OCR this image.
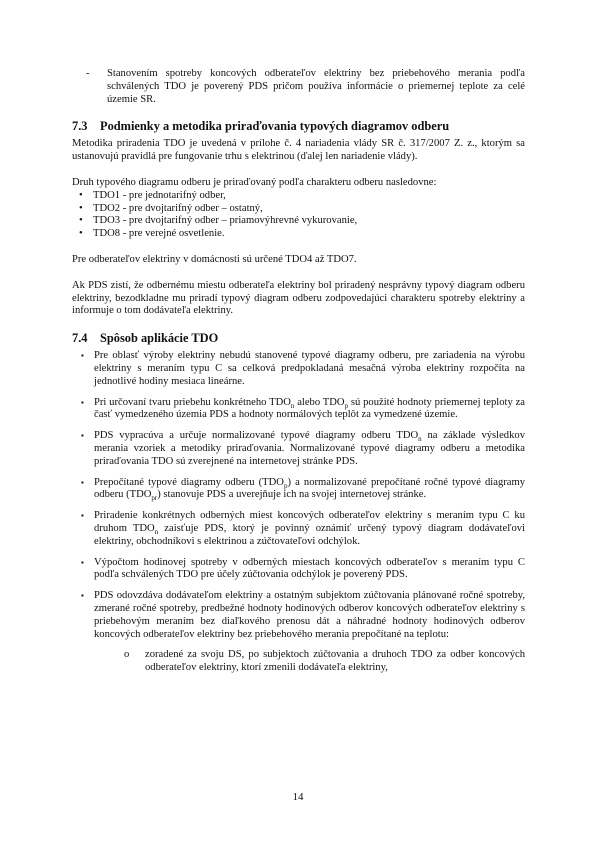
- Stanovením spotreby koncových odberateľov elektriny bez priebehového merania podľa schválených TDO je poverený PDS pričom používa informácie o priemernej teplote za celé územie SR.

7.3 Podmienky a metodika priraďovania typových diagramov odberu

Metodika priradenia TDO je uvedená v prílohe č. 4 nariadenia vlády SR č. 317/2007 Z. z., ktorým sa ustanovujú pravidlá pre fungovanie trhu s elektrinou (ďalej len nariadenie vlády).

Druh typového diagramu odberu je priraďovaný podľa charakteru odberu nasledovne:

• TDO1 - pre jednotarifný odber,
• TDO2 - pre dvojtarifný odber – ostatný,
• TDO3 - pre dvojtarifný odber – priamovýhrevné vykurovanie,
• TDO8 - pre verejné osvetlenie.

Pre odberateľov elektriny v domácnosti sú určené TDO4 až TDO7.

Ak PDS zistí, že odbernému miestu odberateľa elektriny bol priradený nesprávny typový diagram odberu elektriny, bezodkladne mu priradí typový diagram odberu zodpovedajúci charakteru spotreby elektriny a informuje o tom dodávateľa elektriny.

7.4 Spôsob aplikácie TDO
▪ Pre oblasť výroby elektriny nebudú stanovené typové diagramy odberu, pre zariadenia na výrobu elektriny s meraním typu C sa celková predpokladaná mesačná výroba elektriny rozpočíta na jednotlivé hodiny mesiaca lineárne.
▪ Pri určovaní tvaru priebehu konkrétneho $TDO_n$ alebo $TDO_p$ sú použité hodnoty priemernej teploty za časť vymedzeného územia PDS a hodnoty normálových teplôt za vymedzené územie.
▪ PDS vypracúva a určuje normalizované typové diagramy odberu $TDO_n$ na základe výsledkov merania vzoriek a metodiky priraďovania. Normalizované typové diagramy odberu a metodika priraďovania TDO sú zverejnené na internetovej stránke PDS.
▪ Prepočítané typové diagramy odberu $(TDO_p)$ a normalizované prepočítané ročné typové diagramy odberu $(TDO_{pr})$ stanovuje PDS a uverejňuje ich na svojej internetovej stránke.
▪ Priradenie konkrétnych odberných miest koncových odberateľov elektriny s meraním typu C ku druhom $TDO_n$ zaisťuje PDS, ktorý je povinný oznámiť určený typový diagram dodávateľovi elektriny, obchodníkovi s elektrinou a zúčtovateľovi odchýlok.
▪ Výpočtom hodinovej spotreby v odberných miestach koncových odberateľov s meraním typu C podľa schválených TDO pre účely zúčtovania odchýlok je poverený PDS.
▪ PDS odovzdáva dodávateľom elektriny a ostatným subjektom zúčtovania plánované ročné spotreby, zmerané ročné spotreby, predbežné hodnoty hodinových odberov koncových odberateľov elektriny s priebehovým meraním bez diaľkového prenosu dát a náhradné hodnoty hodinových odberov koncových odberateľov elektriny bez priebehového merania prepočítané na teplotu:
o zoradené za svoju DS, po subjektoch zúčtovania a druhoch TDO za odber koncových odberateľov elektriny, ktorí zmenili dodávateľa elektriny,

14
